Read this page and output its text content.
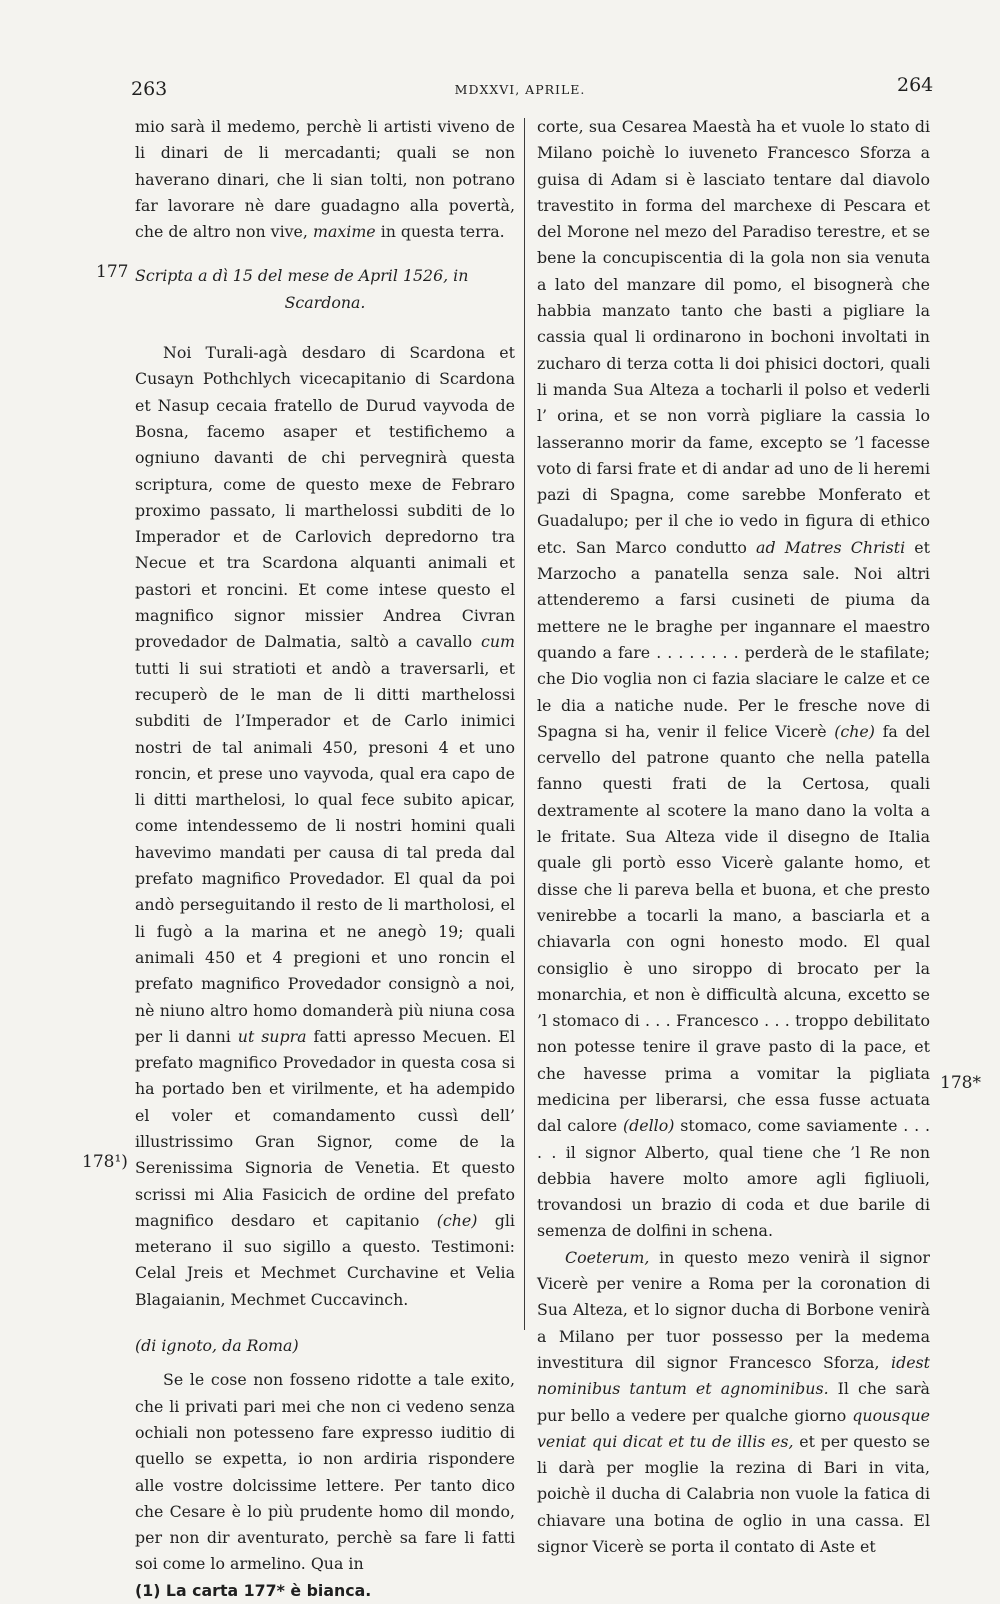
263	MDXXVI, APRILE.	264
177
178¹)
178*

mio sarà il medemo, perchè li artisti viveno de li dinari de li mercadanti; quali se non haverano dinari, che li sian tolti, non potrano far lavorare nè dare guadagno alla povertà, che de altro non vive, maxime in questa terra.

Scripta a dì 15 del mese de April 1526, in
Scardona.

Noi Turali-agà desdaro di Scardona et Cusayn Pothchlych vicecapitanio di Scardona et Nasup cecaia fratello de Durud vayvoda de Bosna, facemo asaper et testifichemo a ogniuno davanti de chi pervegnirà questa scriptura, come de questo mexe de Febraro proximo passato, li marthelossi subditi de lo Imperador et de Carlovich depredorno tra Necue et tra Scardona alquanti animali et pastori et roncini. Et come intese questo el magnifico signor missier Andrea Civran provedador de Dalmatia, saltò a cavallo cum tutti li sui stratioti et andò a traversarli, et recuperò de le man de li ditti marthelossi subditi de l’Imperador et de Carlo inimici nostri de tal animali 450, presoni 4 et uno roncin, et prese uno vayvoda, qual era capo de li ditti marthelosi, lo qual fece subito apicar, come intendessemo de li nostri homini quali havevimo mandati per causa di tal preda dal prefato magnifico Provedador. El qual da poi andò perseguitando il resto de li martholosi, el li fugò a la marina et ne anegò 19; quali animali 450 et 4 pregioni et uno roncin el prefato magnifico Provedador consignò a noi, nè niuno altro homo domanderà più niuna cosa per li danni ut supra fatti apresso Mecuen. El prefato magnifico Provedador in questa cosa si ha portado ben et virilmente, et ha adempido el voler et comandamento cussì dell’ illustrissimo Gran Signor, come de la Serenissima Signoria de Venetia. Et questo scrissi mi Alia Fasicich de ordine del prefato magnifico desdaro et capitanio (che) gli meterano il suo sigillo a questo. Testimoni: Celal Jreis et Mechmet Curchavine et Velia Blagaianin, Mechmet Cuccavinch.

(di ignoto, da Roma)

Se le cose non fosseno ridotte a tale exito, che li privati pari mei che non ci vedeno senza ochiali non potesseno fare expresso iuditio di quello se expetta, io non ardiria rispondere alle vostre dolcissime lettere. Per tanto dico che Cesare è lo più prudente homo dil mondo, per non dir aventurato, perchè sa fare li fatti soi come lo armelino. Qua in

(1) La carta 177* è bianca.

corte, sua Cesarea Maestà ha et vuole lo stato di Milano poichè lo iuveneto Francesco Sforza a guisa di Adam si è lasciato tentare dal diavolo travestito in forma del marchexe di Pescara et del Morone nel mezo del Paradiso terestre, et se bene la concupiscentia di la gola non sia venuta a lato del manzare dil pomo, el bisognerà che habbia manzato tanto che basti a pigliare la cassia qual li ordinarono in bochoni involtati in zucharo di terza cotta li doi phisici doctori, quali li manda Sua Alteza a tocharli il polso et vederli l’ orina, et se non vorrà pigliare la cassia lo lasseranno morir da fame, excepto se ’l facesse voto di farsi frate et di andar ad uno de li heremi pazi di Spagna, come sarebbe Monferato et Guadalupo; per il che io vedo in figura di ethico etc. San Marco condutto ad Matres Christi et Marzocho a panatella senza sale. Noi altri attenderemo a farsi cusineti de piuma da mettere ne le braghe per ingannare el maestro quando a fare . . . . . . . . perderà de le stafilate; che Dio voglia non ci fazia slaciare le calze et ce le dia a natiche nude. Per le fresche nove di Spagna si ha, venir il felice Vicerè (che) fa del cervello del patrone quanto che nella patella fanno questi frati de la Certosa, quali dextramente al scotere la mano dano la volta a le fritate. Sua Alteza vide il disegno de Italia quale gli portò esso Vicerè galante homo, et disse che li pareva bella et buona, et che presto venirebbe a tocarli la mano, a basciarla et a chiavarla con ogni honesto modo. El qual consiglio è uno siroppo di brocato per la monarchia, et non è difficultà alcuna, excetto se ’l stomaco di . . . Francesco . . . troppo debilitato non potesse tenire il grave pasto di la pace, et che havesse prima a vomitar la pigliata medicina per liberarsi, che essa fusse actuata dal calore (dello) stomaco, come saviamente . . . . . il signor Alberto, qual tiene che ’l Re non debbia havere molto amore agli figliuoli, trovandosi un brazio di coda et due barile di semenza de dolfini in schena.

Coeterum, in questo mezo venirà il signor Vicerè per venire a Roma per la coronation di Sua Alteza, et lo signor ducha di Borbone venirà a Milano per tuor possesso per la medema investitura dil signor Francesco Sforza, idest nominibus tantum et agnominibus. Il che sarà pur bello a vedere per qualche giorno quousque veniat qui dicat et tu de illis es, et per questo se li darà per moglie la rezina di Bari in vita, poichè il ducha di Calabria non vuole la fatica di chiavare una botina de oglio in una cassa. El signor Vicerè se porta il contato di Aste et
